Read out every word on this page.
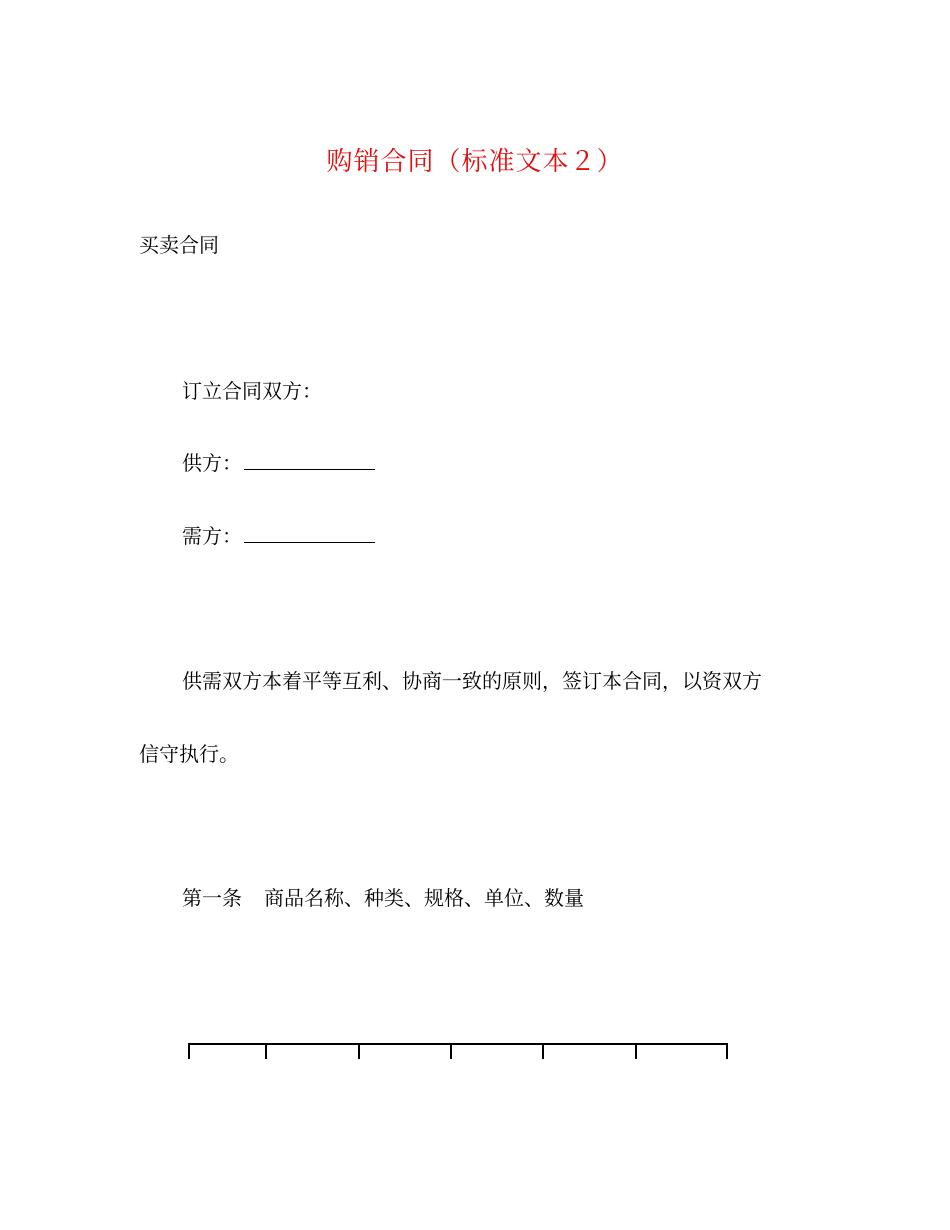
购销合同（标准文本２）
买卖合同
订立合同双方：
供方：
需方：
供需双方本着平等互利、协商一致的原则，签订本合同，以资双方
信守执行。
第一条 商品名称、种类、规格、单位、数量
